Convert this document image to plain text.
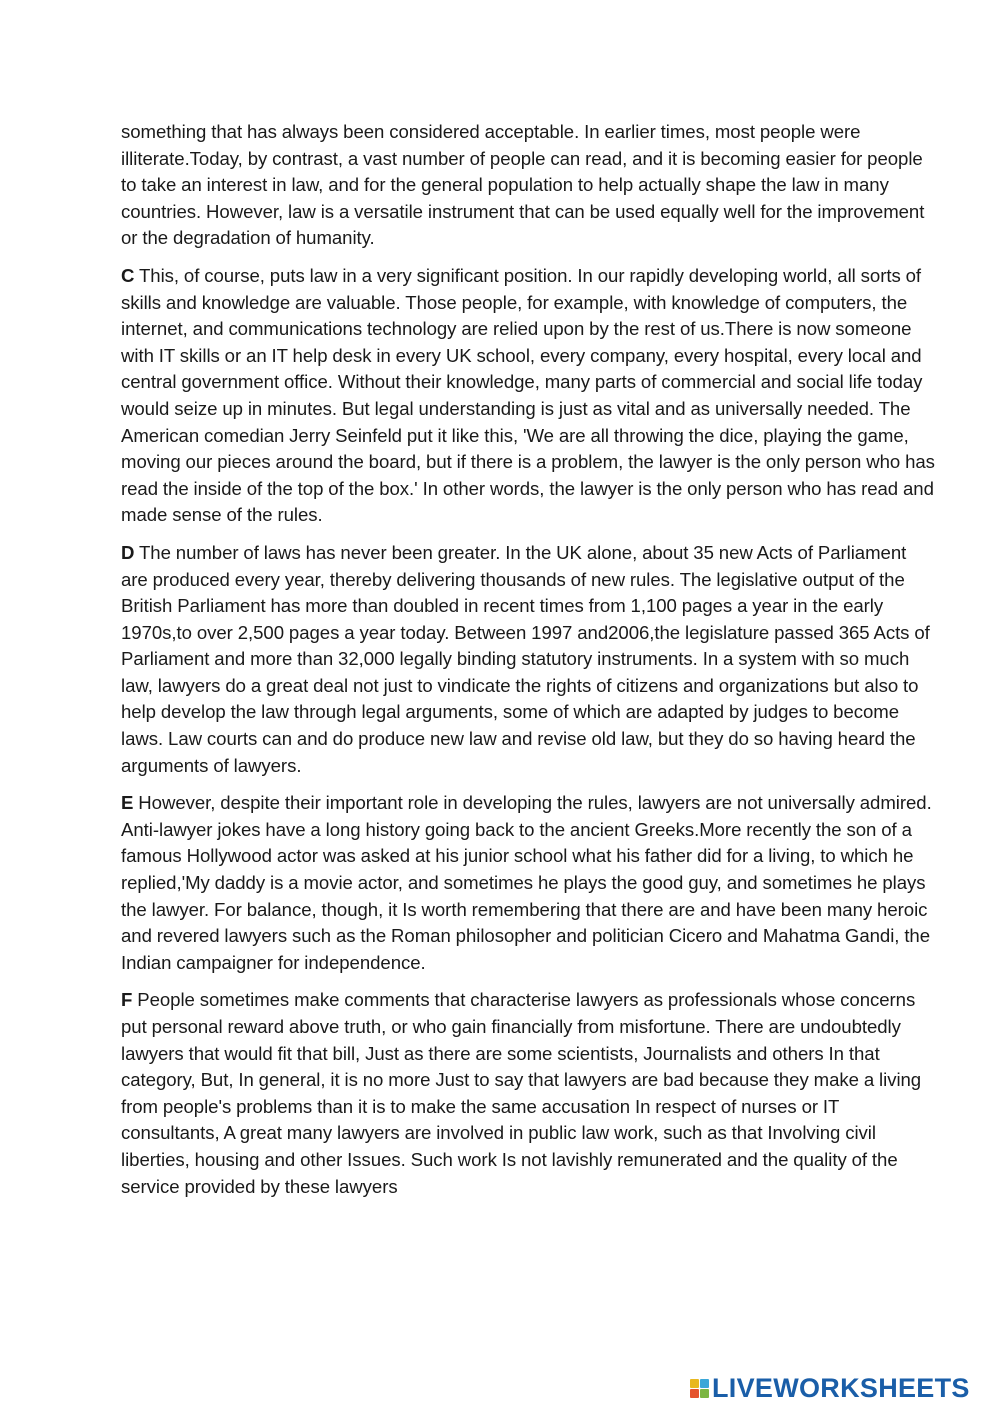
something that has always been considered acceptable. In earlier times, most people were illiterate.Today, by contrast, a vast number of people can read, and it is becoming easier for people to take an interest in law, and for the general population to help actually shape the law in many countries. However, law is a versatile instrument that can be used equally well for the improvement or the degradation of humanity.

C This, of course, puts law in a very significant position. In our rapidly developing world, all sorts of skills and knowledge are valuable. Those people, for example, with knowledge of computers, the internet, and communications technology are relied upon by the rest of us.There is now someone with IT skills or an IT help desk in every UK school, every company, every hospital, every local and central government office. Without their knowledge, many parts of commercial and social life today would seize up in minutes. But legal understanding is just as vital and as universally needed. The American comedian Jerry Seinfeld put it like this, 'We are all throwing the dice, playing the game, moving our pieces around the board, but if there is a problem, the lawyer is the only person who has read the inside of the top of the box.' In other words, the lawyer is the only person who has read and made sense of the rules.

D The number of laws has never been greater. In the UK alone, about 35 new Acts of Parliament are produced every year, thereby delivering thousands of new rules. The legislative output of the British Parliament has more than doubled in recent times from 1,100 pages a year in the early 1970s,to over 2,500 pages a year today. Between 1997 and2006,the legislature passed 365 Acts of Parliament and more than 32,000 legally binding statutory instruments. In a system with so much law, lawyers do a great deal not just to vindicate the rights of citizens and organizations but also to help develop the law through legal arguments, some of which are adapted by judges to become laws. Law courts can and do produce new law and revise old law, but they do so having heard the arguments of lawyers.

E However, despite their important role in developing the rules, lawyers are not universally admired. Anti-lawyer jokes have a long history going back to the ancient Greeks.More recently the son of a famous Hollywood actor was asked at his junior school what his father did for a living, to which he replied,'My daddy is a movie actor, and sometimes he plays the good guy, and sometimes he plays the lawyer. For balance, though, it Is worth remembering that there are and have been many heroic and revered lawyers such as the Roman philosopher and politician Cicero and Mahatma Gandi, the Indian campaigner for independence.

F People sometimes make comments that characterise lawyers as professionals whose concerns put personal reward above truth, or who gain financially from misfortune. There are undoubtedly lawyers that would fit that bill, Just as there are some scientists, Journalists and others In that category, But, In general, it is no more Just to say that lawyers are bad because they make a living from people's problems than it is to make the same accusation In respect of nurses or IT consultants, A great many lawyers are involved in public law work, such as that Involving civil liberties, housing and other Issues. Such work Is not lavishly remunerated and the quality of the service provided by these lawyers

LIVEWORKSHEETS
